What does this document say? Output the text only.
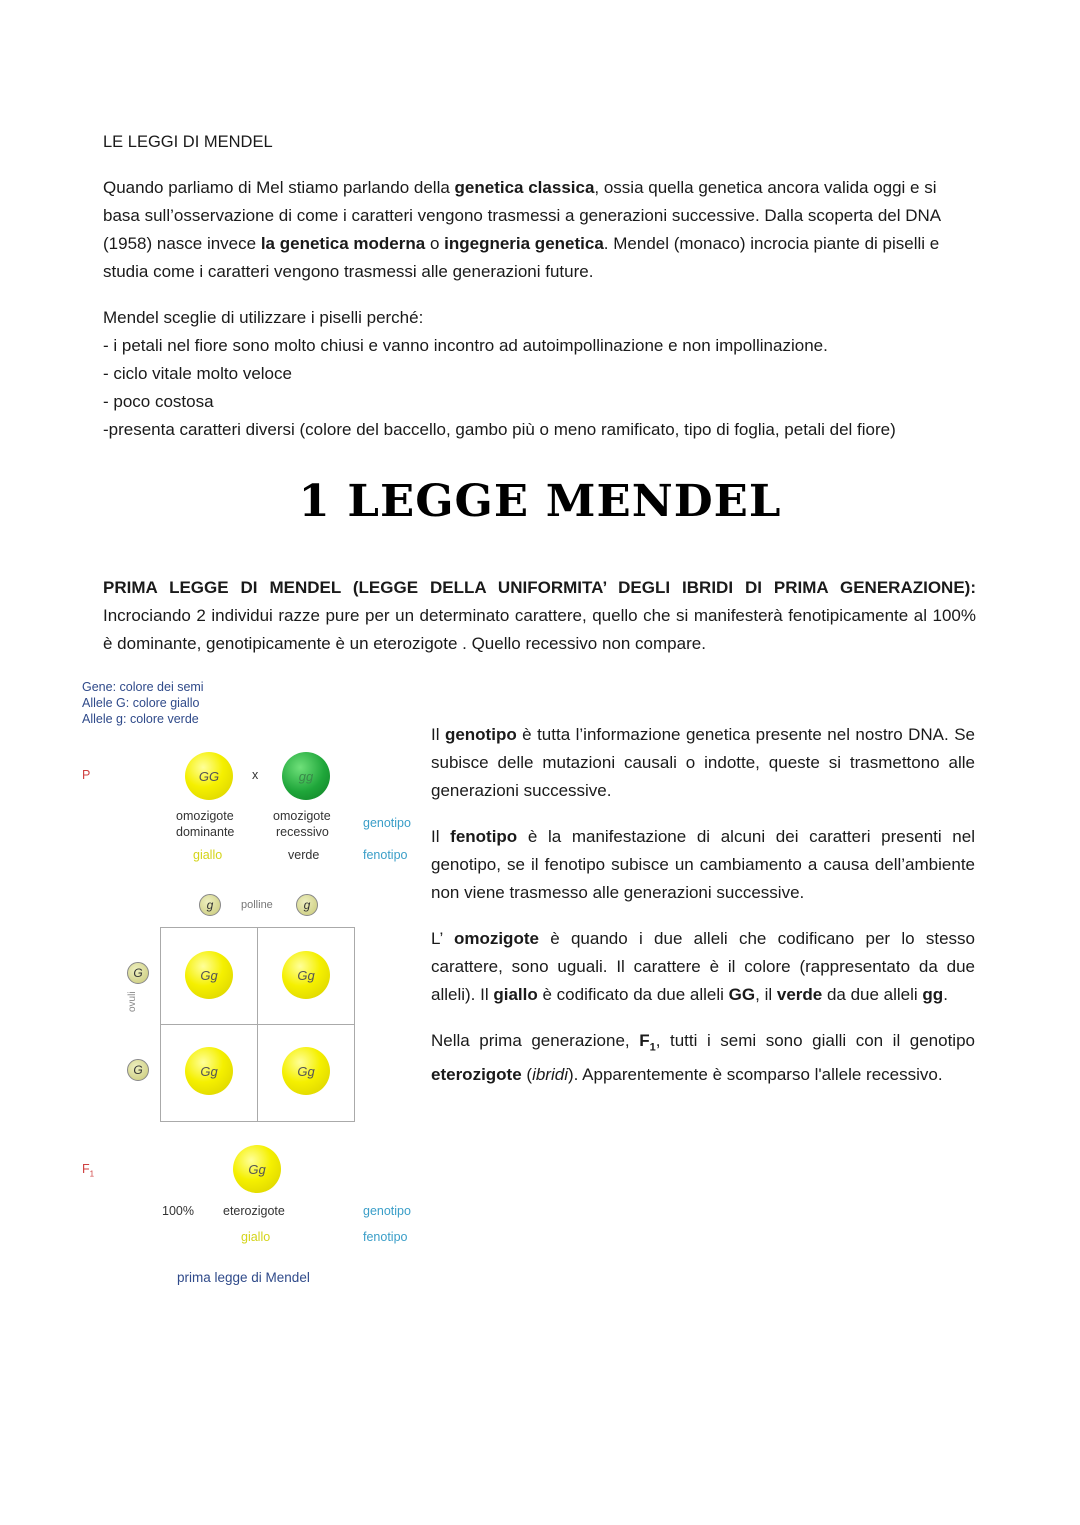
LE LEGGI DI MENDEL
Quando parliamo di Mel stiamo parlando della genetica classica, ossia quella genetica ancora valida oggi e si basa sull’osservazione di come i caratteri vengono trasmessi a generazioni successive. Dalla scoperta del DNA (1958) nasce invece la genetica moderna o ingegneria genetica. Mendel (monaco) incrocia piante di piselli e studia come i caratteri vengono trasmessi alle generazioni future.
Mendel sceglie di utilizzare i piselli perché:
- i petali nel fiore sono molto chiusi e vanno incontro ad autoimpollinazione e non impollinazione.
- ciclo vitale molto veloce
- poco costosa
-presenta caratteri diversi (colore del baccello, gambo più o meno ramificato, tipo di foglia, petali del fiore)
1 LEGGE MENDEL
PRIMA LEGGE DI MENDEL (LEGGE DELLA UNIFORMITA’ DEGLI IBRIDI DI PRIMA GENERAZIONE):
Incrociando 2 individui razze pure per un determinato carattere, quello che si manifesterà fenotipicamente al 100% è dominante, genotipicamente è un eterozigote . Quello recessivo non compare.
Il genotipo è tutta l’informazione genetica presente nel nostro DNA. Se subisce delle mutazioni causali o indotte, queste si trasmettono alle generazioni successive.
Il fenotipo è la manifestazione di alcuni dei caratteri presenti nel genotipo, se il fenotipo subisce un cambiamento a causa dell’ambiente non viene trasmesso alle generazioni successive.
L’ omozigote è quando i due alleli che codificano per lo stesso carattere, sono uguali. Il carattere è il colore (rappresentato da due alleli). Il giallo è codificato da due alleli GG, il verde da due alleli gg.
Nella prima generazione, $F_1$, tutti i semi sono gialli con il genotipo eterozigote (ibridi). Apparentemente è scomparso l'allele recessivo.
Gene: colore dei semi
Allele G: colore giallo
Allele g: colore verde
P
$F_1$
GG	x	gg
omozigote
dominante
omozigote
recessivo
genotipo
giallo	verde	fenotipo
g	polline	g
G
ovuli
G
Gg	Gg
Gg	Gg
Gg
100% eterozigote	genotipo
giallo	fenotipo
prima legge di Mendel
